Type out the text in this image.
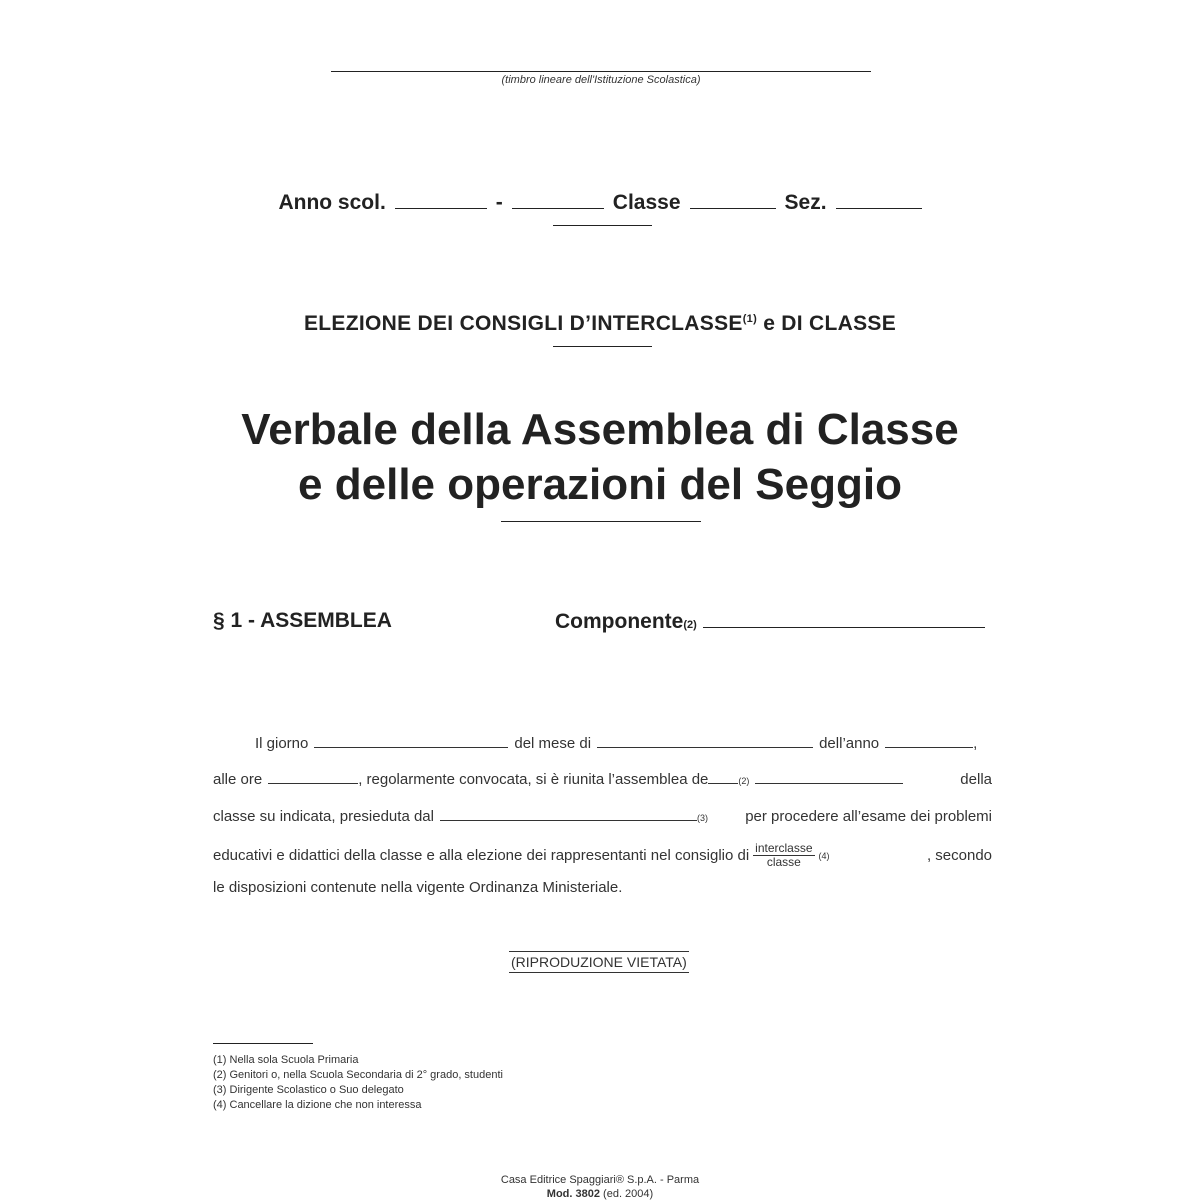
(timbro lineare dell'Istituzione Scolastica)
Anno scol.	-	Classe	Sez.
ELEZIONE DEI CONSIGLI D’INTERCLASSE$^{(1)}$ e DI CLASSE
Verbale della Assemblea di Classe
e delle operazioni del Seggio
§ 1 - ASSEMBLEA	Componente (2)
Il giorno	del mese di	dell’anno	,
alle ore	, regolarmente convocata, si è riunita l’assemblea de	(2)	della
classe su indicata, presieduta dal	(3) per procedere all’esame dei problemi
educativi e didattici della classe e alla elezione dei rappresentanti nel consiglio di $\frac{\text{interclasse}}{\text{classe}} (4)$	, secondo
le disposizioni contenute nella vigente Ordinanza Ministeriale.
(RIPRODUZIONE VIETATA)
(1) Nella sola Scuola Primaria
(2) Genitori o, nella Scuola Secondaria di 2° grado, studenti
(3) Dirigente Scolastico o Suo delegato
(4) Cancellare la dizione che non interessa
Casa Editrice Spaggiari® S.p.A. - Parma
Mod. 3802 (ed. 2004)
